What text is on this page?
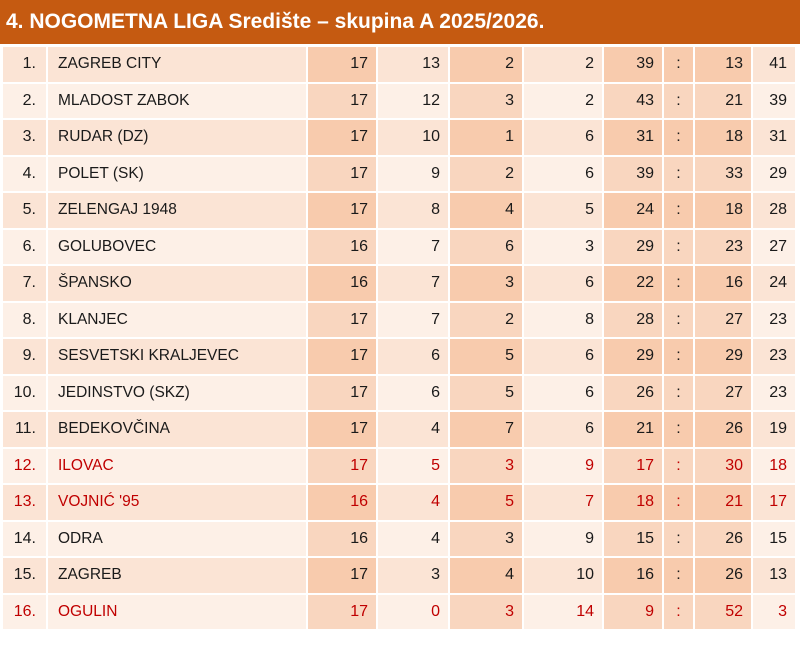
4. NOGOMETNA LIGA Središte – skupina A 2025/2026.
1.	ZAGREB CITY	17	13	2	2	39	:	13	41
2.	MLADOST ZABOK	17	12	3	2	43	:	21	39
3.	RUDAR (DZ)	17	10	1	6	31	:	18	31
4.	POLET (SK)	17	9	2	6	39	:	33	29
5.	ZELENGAJ 1948	17	8	4	5	24	:	18	28
6.	GOLUBOVEC	16	7	6	3	29	:	23	27
7.	ŠPANSKO	16	7	3	6	22	:	16	24
8.	KLANJEC	17	7	2	8	28	:	27	23
9.	SESVETSKI KRALJEVEC	17	6	5	6	29	:	29	23
10.	JEDINSTVO (SKZ)	17	6	5	6	26	:	27	23
11.	BEDEKOVČINA	17	4	7	6	21	:	26	19
12.	ILOVAC	17	5	3	9	17	:	30	18
13.	VOJNIĆ '95	16	4	5	7	18	:	21	17
14.	ODRA	16	4	3	9	15	:	26	15
15.	ZAGREB	17	3	4	10	16	:	26	13
16.	OGULIN	17	0	3	14	9	:	52	3
